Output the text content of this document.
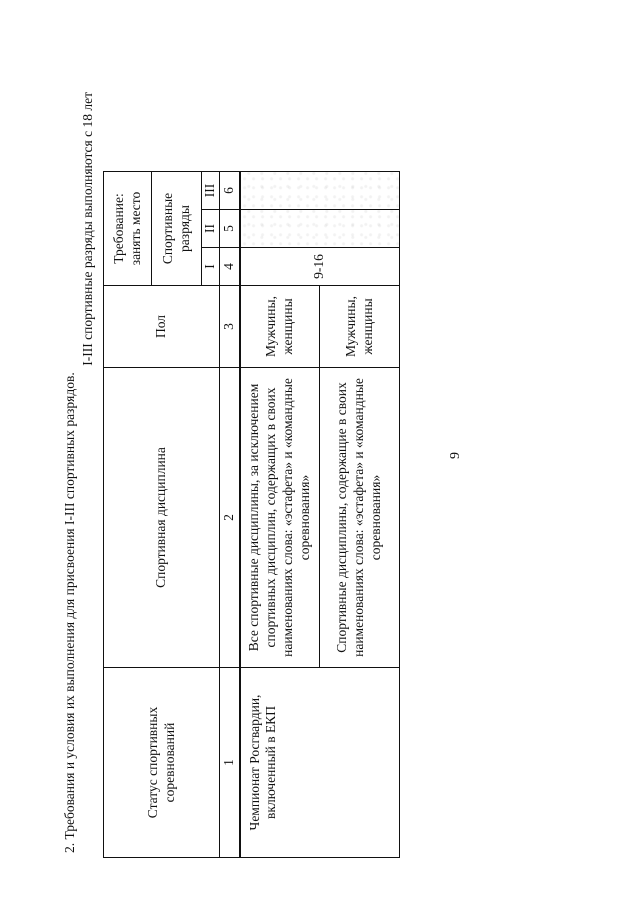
9
2. Требования и условия их выполнения для присвоения I-III спортивных разрядов.
I-III спортивные разряды выполняются с 18 лет
Статус спортивных соревнований	Спортивная дисциплина	Пол	Требование: занять место		
			Спортивные разряды		
			I	II	III
1	2	3	4	5	6
Чемпионат Росгвардии, включенный в ЕКП	Все спортивные дисциплины, за исключением спортивных дисциплин, содержащих в своих наименованиях слова: «эстафета» и «командные соревнования»	Мужчины, женщины	9-16		
	Спортивные дисциплины, содержащие в своих наименованиях слова: «эстафета» и «командные соревнования»	Мужчины, женщины			
